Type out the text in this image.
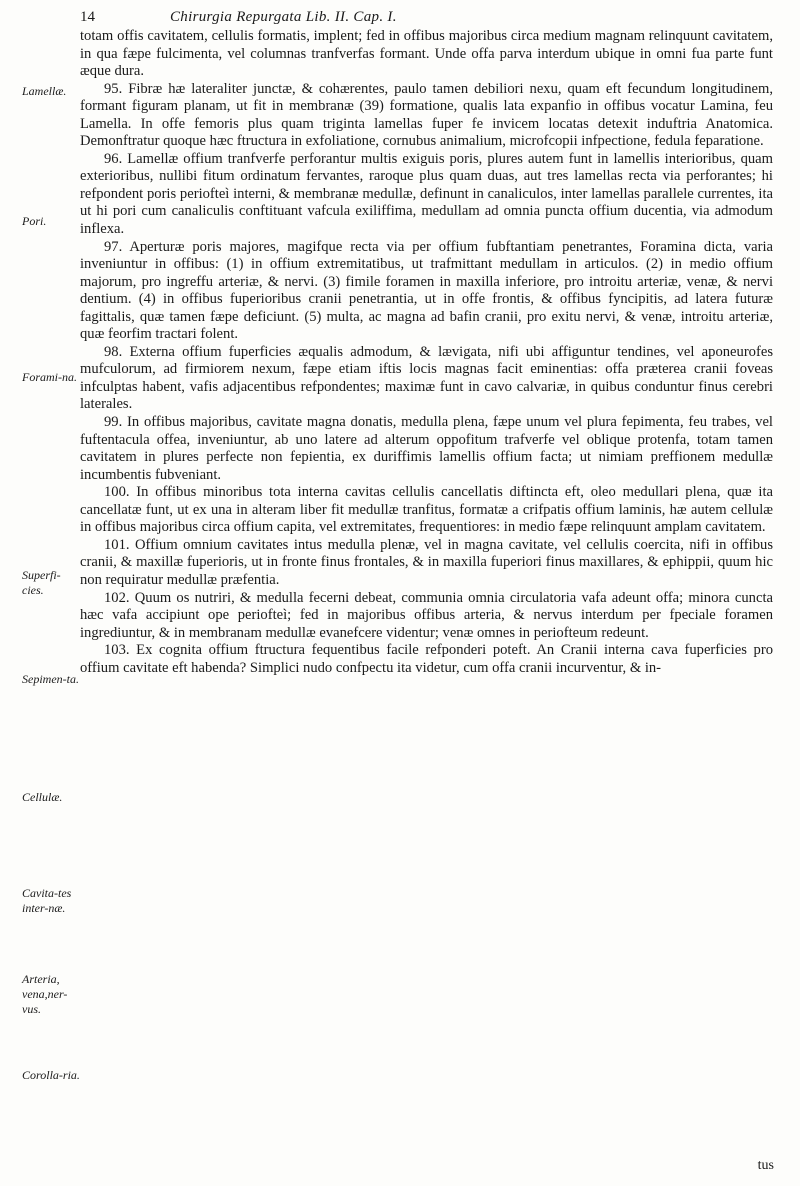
14	Chirurgia Repurgata Lib. II. Cap. I.
Lamellæ.
Pori.
Forami-na.
Superfi-cies.
Sepimen-ta.
Cellulæ.
Cavita-tes inter-næ.
Arteria, vena,ner-vus.
Corolla-ria.

totam offis cavitatem, cellulis formatis, implent; fed in offibus majoribus circa medium magnam relinquunt cavitatem, in qua fæpe fulcimenta, vel columnas tranfverfas formant. Unde offa parva interdum ubique in omni fua parte funt æque dura.

95. Fibræ hæ lateraliter junctæ, & cohærentes, paulo tamen debiliori nexu, quam eft fecundum longitudinem, formant figuram planam, ut fit in membranæ (39) formatione, qualis lata expanfio in offibus vocatur Lamina, feu Lamella. In offe femoris plus quam triginta lamellas fuper fe invicem locatas detexit induftria Anatomica. Demonftratur quoque hæc ftructura in exfoliatione, cornubus animalium, microfcopii infpectione, fedula feparatione.

96. Lamellæ offium tranfverfe perforantur multis exiguis poris, plures autem funt in lamellis interioribus, quam exterioribus, nullibi fitum ordinatum fervantes, raroque plus quam duas, aut tres lamellas recta via perforantes; hi refpondent poris periofteì interni, & membranæ medullæ, definunt in canaliculos, inter lamellas parallele currentes, ita ut hi pori cum canaliculis conftituant vafcula exiliffima, medullam ad omnia puncta offium ducentia, via admodum inflexa.

97. Aperturæ poris majores, magifque recta via per offium fubftantiam penetrantes, Foramina dicta, varia inveniuntur in offibus: (1) in offium extremitatibus, ut trafmittant medullam in articulos. (2) in medio offium majorum, pro ingreffu arteriæ, & nervi. (3) fimile foramen in maxilla inferiore, pro introitu arteriæ, venæ, & nervi dentium. (4) in offibus fuperioribus cranii penetrantia, ut in offe frontis, & offibus fyncipitis, ad latera futuræ fagittalis, quæ tamen fæpe deficiunt. (5) multa, ac magna ad bafin cranii, pro exitu nervi, & venæ, introitu arteriæ, quæ feorfim tractari folent.

98. Externa offium fuperficies æqualis admodum, & lævigata, nifi ubi affiguntur tendines, vel aponeurofes mufculorum, ad firmiorem nexum, fæpe etiam iftis locis magnas facit eminentias: offa præterea cranii foveas infculptas habent, vafis adjacentibus refpondentes; maximæ funt in cavo calvariæ, in quibus conduntur finus cerebri laterales.

99. In offibus majoribus, cavitate magna donatis, medulla plena, fæpe unum vel plura fepimenta, feu trabes, vel fuftentacula offea, inveniuntur, ab uno latere ad alterum oppofitum trafverfe vel oblique protenfa, totam tamen cavitatem in plures perfecte non fepientia, ex duriffimis lamellis offium facta; ut nimiam preffionem medullæ incumbentis fubveniant.

100. In offibus minoribus tota interna cavitas cellulis cancellatis diftincta eft, oleo medullari plena, quæ ita cancellatæ funt, ut ex una in alteram liber fit medullæ tranfitus, formatæ a crifpatis offium laminis, hæ autem cellulæ in offibus majoribus circa offium capita, vel extremitates, frequentiores: in medio fæpe relinquunt amplam cavitatem.

101. Offium omnium cavitates intus medulla plenæ, vel in magna cavitate, vel cellulis coercita, nifi in offibus cranii, & maxillæ fuperioris, ut in fronte finus frontales, & in maxilla fuperiori finus maxillares, & ephippii, quum hic non requiratur medullæ præfentia.

102. Quum os nutriri, & medulla fecerni debeat, communia omnia circulatoria vafa adeunt offa; minora cuncta hæc vafa accipiunt ope periofteì; fed in majoribus offibus arteria, & nervus interdum per fpeciale foramen ingrediuntur, & in membranam medullæ evanefcere videntur; venæ omnes in periofteum redeunt.

103. Ex cognita offium ftructura fequentibus facile refponderi poteft. An Cranii interna cava fuperficies pro offium cavitate eft habenda? Simplici nudo confpectu ita videtur, cum offa cranii incurventur, & in-

tus
